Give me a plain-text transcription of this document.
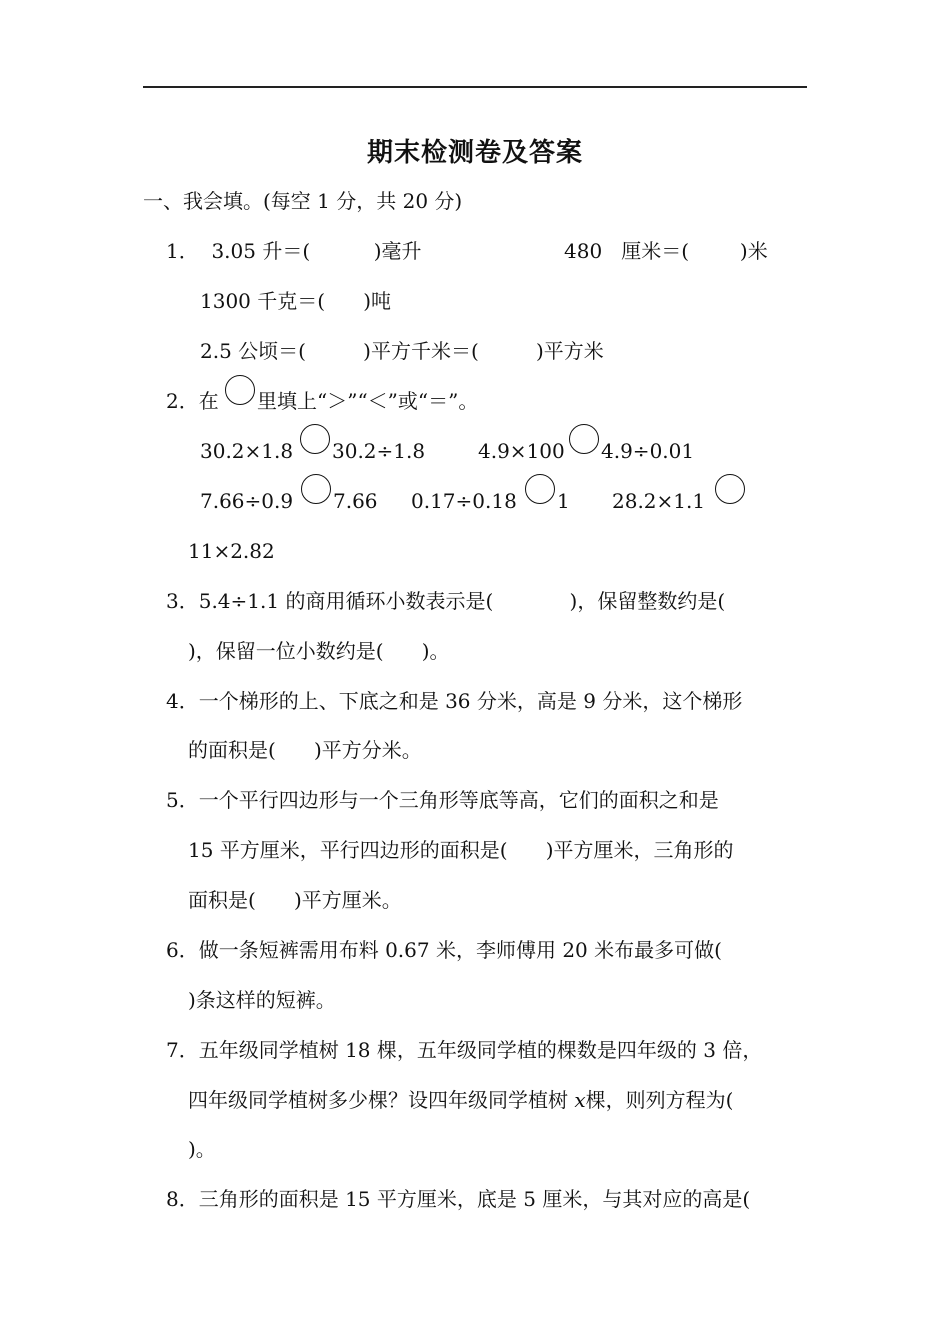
期末检测卷及答案
一、我会填。(每空 1 分，共 20 分)
1．  3.05 升＝(          )毫升	480   厘米＝(        )米
1300 千克＝(      )吨
2.5 公顷＝(         )平方千米＝(         )平方米
2．在 里填上“＞”“＜”或“＝”。
30.2×1.8 30.2÷1.8	4.9×100 4.9÷0.01
7.66÷0.9 7.66 0.17÷0.18 1 28.2×1.1
11×2.82
3．5.4÷1.1 的商用循环小数表示是(            )，保留整数约是(
)，保留一位小数约是(      )。
4．一个梯形的上、下底之和是 36 分米，高是 9 分米，这个梯形
的面积是(      )平方分米。
5．一个平行四边形与一个三角形等底等高，它们的面积之和是
15 平方厘米，平行四边形的面积是(      )平方厘米，三角形的
面积是(      )平方厘米。
6．做一条短裤需用布料 0.67 米，李师傅用 20 米布最多可做(
)条这样的短裤。
7．五年级同学植树 18 棵，五年级同学植的棵数是四年级的 3 倍，
四年级同学植树多少棵？设四年级同学植树 x棵，则列方程为(
)。
8．三角形的面积是 15 平方厘米，底是 5 厘米，与其对应的高是(
